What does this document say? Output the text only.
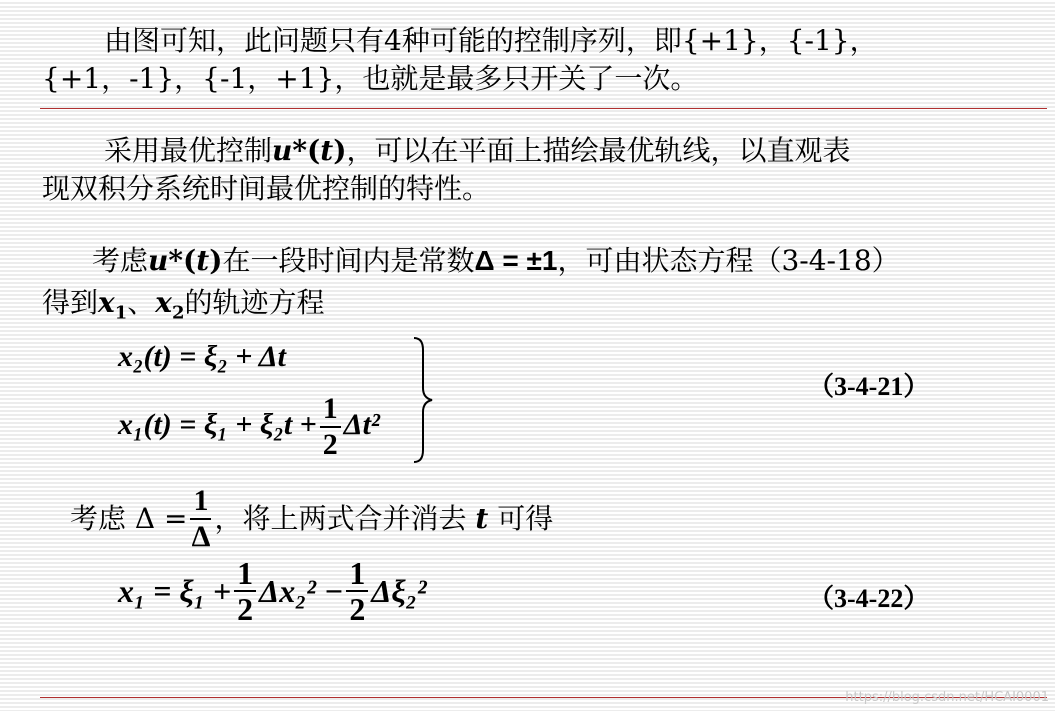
由图可知，此问题只有4种可能的控制序列，即{+1}，{-1}，
{+1，-1}，{-1，+1}，也就是最多只开关了一次。
采用最优控制u*(t)，可以在平面上描绘最优轨线，以直观表
现双积分系统时间最优控制的特性。
考虑u*(t)在一段时间内是常数Δ = ±1，可由状态方程（3-4-18）
得到$x_1$、$x_2$的轨迹方程
x₂(t) = ξ₂ + Δt
$x_1(t) = \xi_1 + \xi_2t + \frac{1}{2} \Delta t^2$
（3-4-21）
考虑 $\Delta = \frac{1}{\Delta}$ ，将上两式合并消去
t
可得
$x_1 = \xi_1 + \frac{1}{2} \Delta x_2^2 - \frac{1}{2} \Delta\xi_2^2$	（3-4-22）
https://blog.csdn.net/HCAI0001
